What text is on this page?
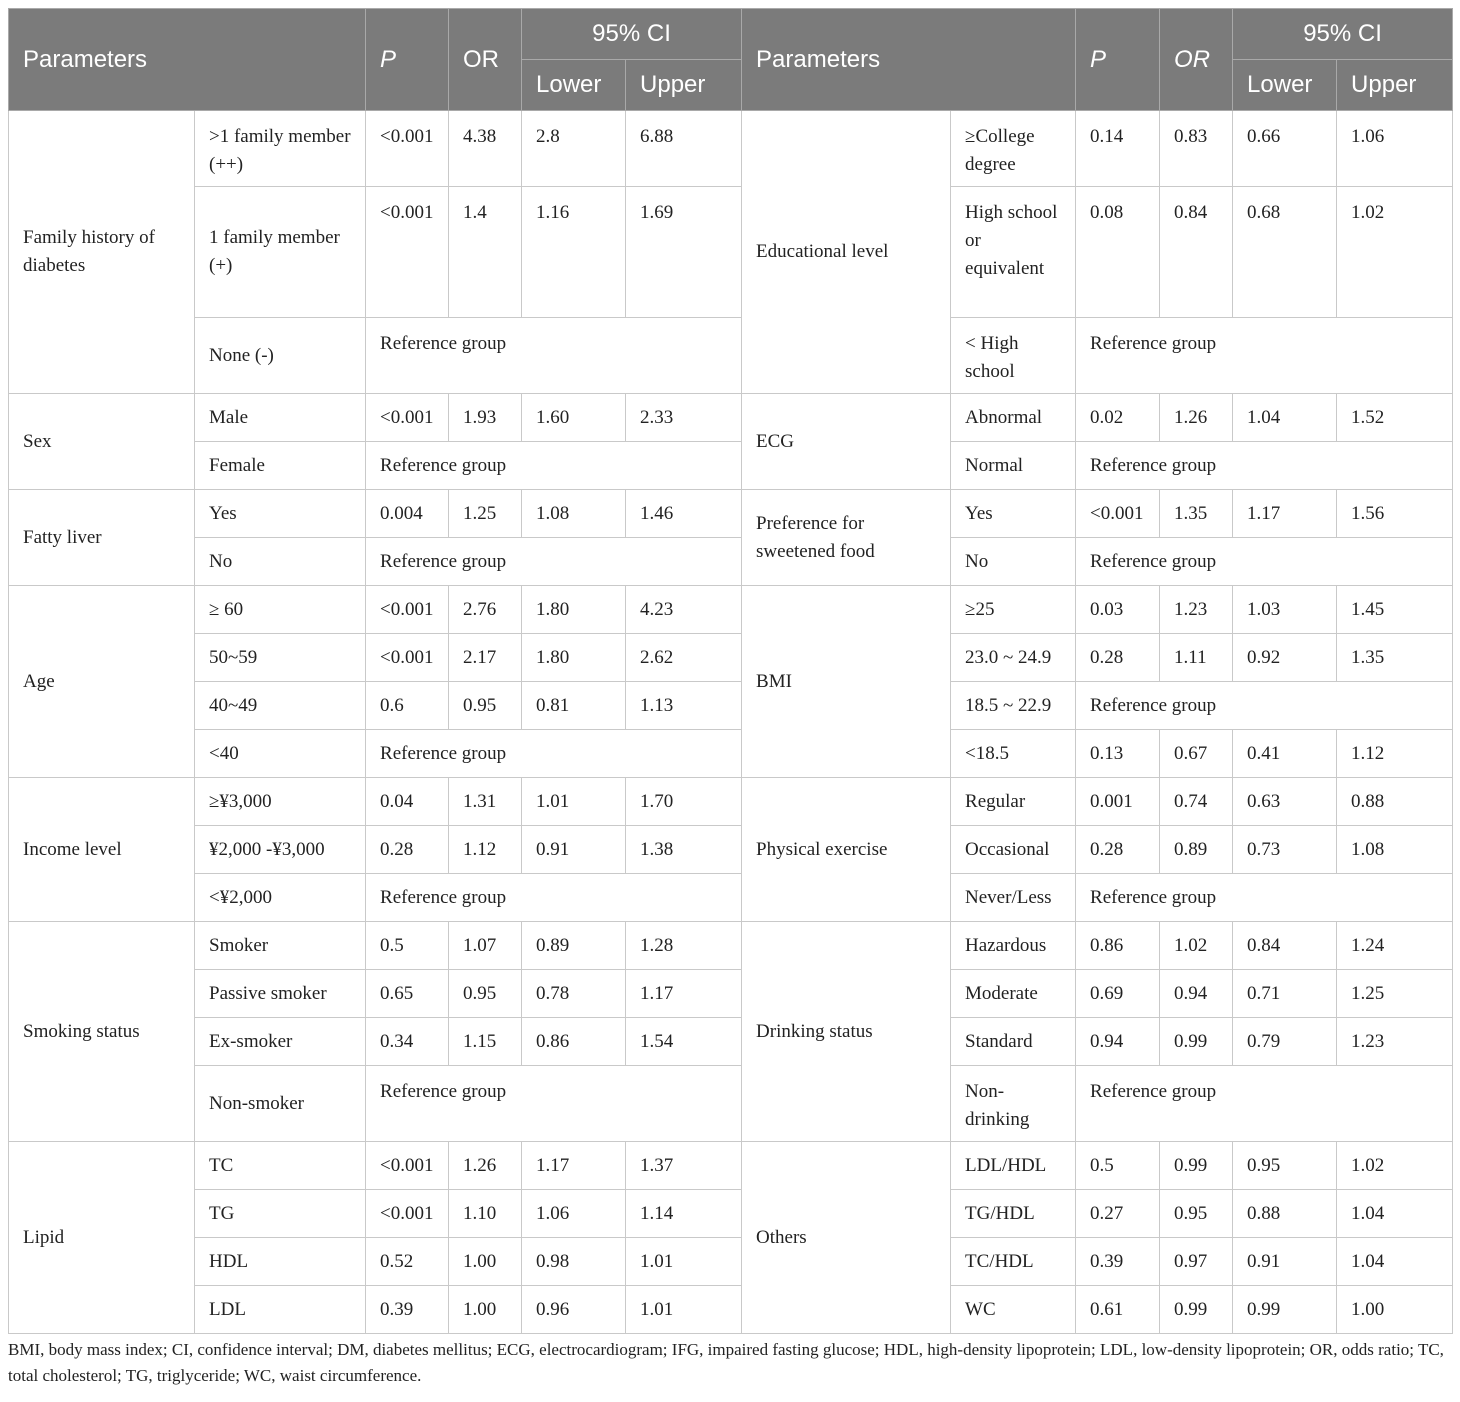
Parameters		P	OR	95% CI		Parameters		P	OR	95% CI	
				Lower	Upper					Lower	Upper
Family history of diabetes	>1 family member (++)	<0.001	4.38	2.8	6.88	Educational level	≥College degree	0.14	0.83	0.66	1.06
	1 family member (+)	<0.001	1.4	1.16	1.69		High school or equivalent	0.08	0.84	0.68	1.02
	None (-)	Reference group					< High school	Reference group			
Sex	Male	<0.001	1.93	1.60	2.33	ECG	Abnormal	0.02	1.26	1.04	1.52
	Female	Reference group					Normal	Reference group			
Fatty liver	Yes	0.004	1.25	1.08	1.46	Preference for sweetened food	Yes	<0.001	1.35	1.17	1.56
	No	Reference group					No	Reference group			
Age	≥ 60	<0.001	2.76	1.80	4.23	BMI	≥25	0.03	1.23	1.03	1.45
	50~59	<0.001	2.17	1.80	2.62		23.0 ~ 24.9	0.28	1.11	0.92	1.35
	40~49	0.6	0.95	0.81	1.13		18.5 ~ 22.9	Reference group			
	<40	Reference group					<18.5	0.13	0.67	0.41	1.12
Income level	≥¥3,000	0.04	1.31	1.01	1.70	Physical exercise	Regular	0.001	0.74	0.63	0.88
	¥2,000 -¥3,000	0.28	1.12	0.91	1.38		Occasional	0.28	0.89	0.73	1.08
	<¥2,000	Reference group					Never/Less	Reference group			
Smoking status	Smoker	0.5	1.07	0.89	1.28	Drinking status	Hazardous	0.86	1.02	0.84	1.24
	Passive smoker	0.65	0.95	0.78	1.17		Moderate	0.69	0.94	0.71	1.25
	Ex-smoker	0.34	1.15	0.86	1.54		Standard	0.94	0.99	0.79	1.23
	Non-smoker	Reference group					Non-drinking	Reference group			
Lipid	TC	<0.001	1.26	1.17	1.37	Others	LDL/HDL	0.5	0.99	0.95	1.02
	TG	<0.001	1.10	1.06	1.14		TG/HDL	0.27	0.95	0.88	1.04
	HDL	0.52	1.00	0.98	1.01		TC/HDL	0.39	0.97	0.91	1.04
	LDL	0.39	1.00	0.96	1.01		WC	0.61	0.99	0.99	1.00

BMI, body mass index; CI, confidence interval; DM, diabetes mellitus; ECG, electrocardiogram; IFG, impaired fasting glucose; HDL, high-density lipoprotein; LDL, low-density lipoprotein; OR, odds ratio; TC, total cholesterol; TG, triglyceride; WC, waist circumference.
